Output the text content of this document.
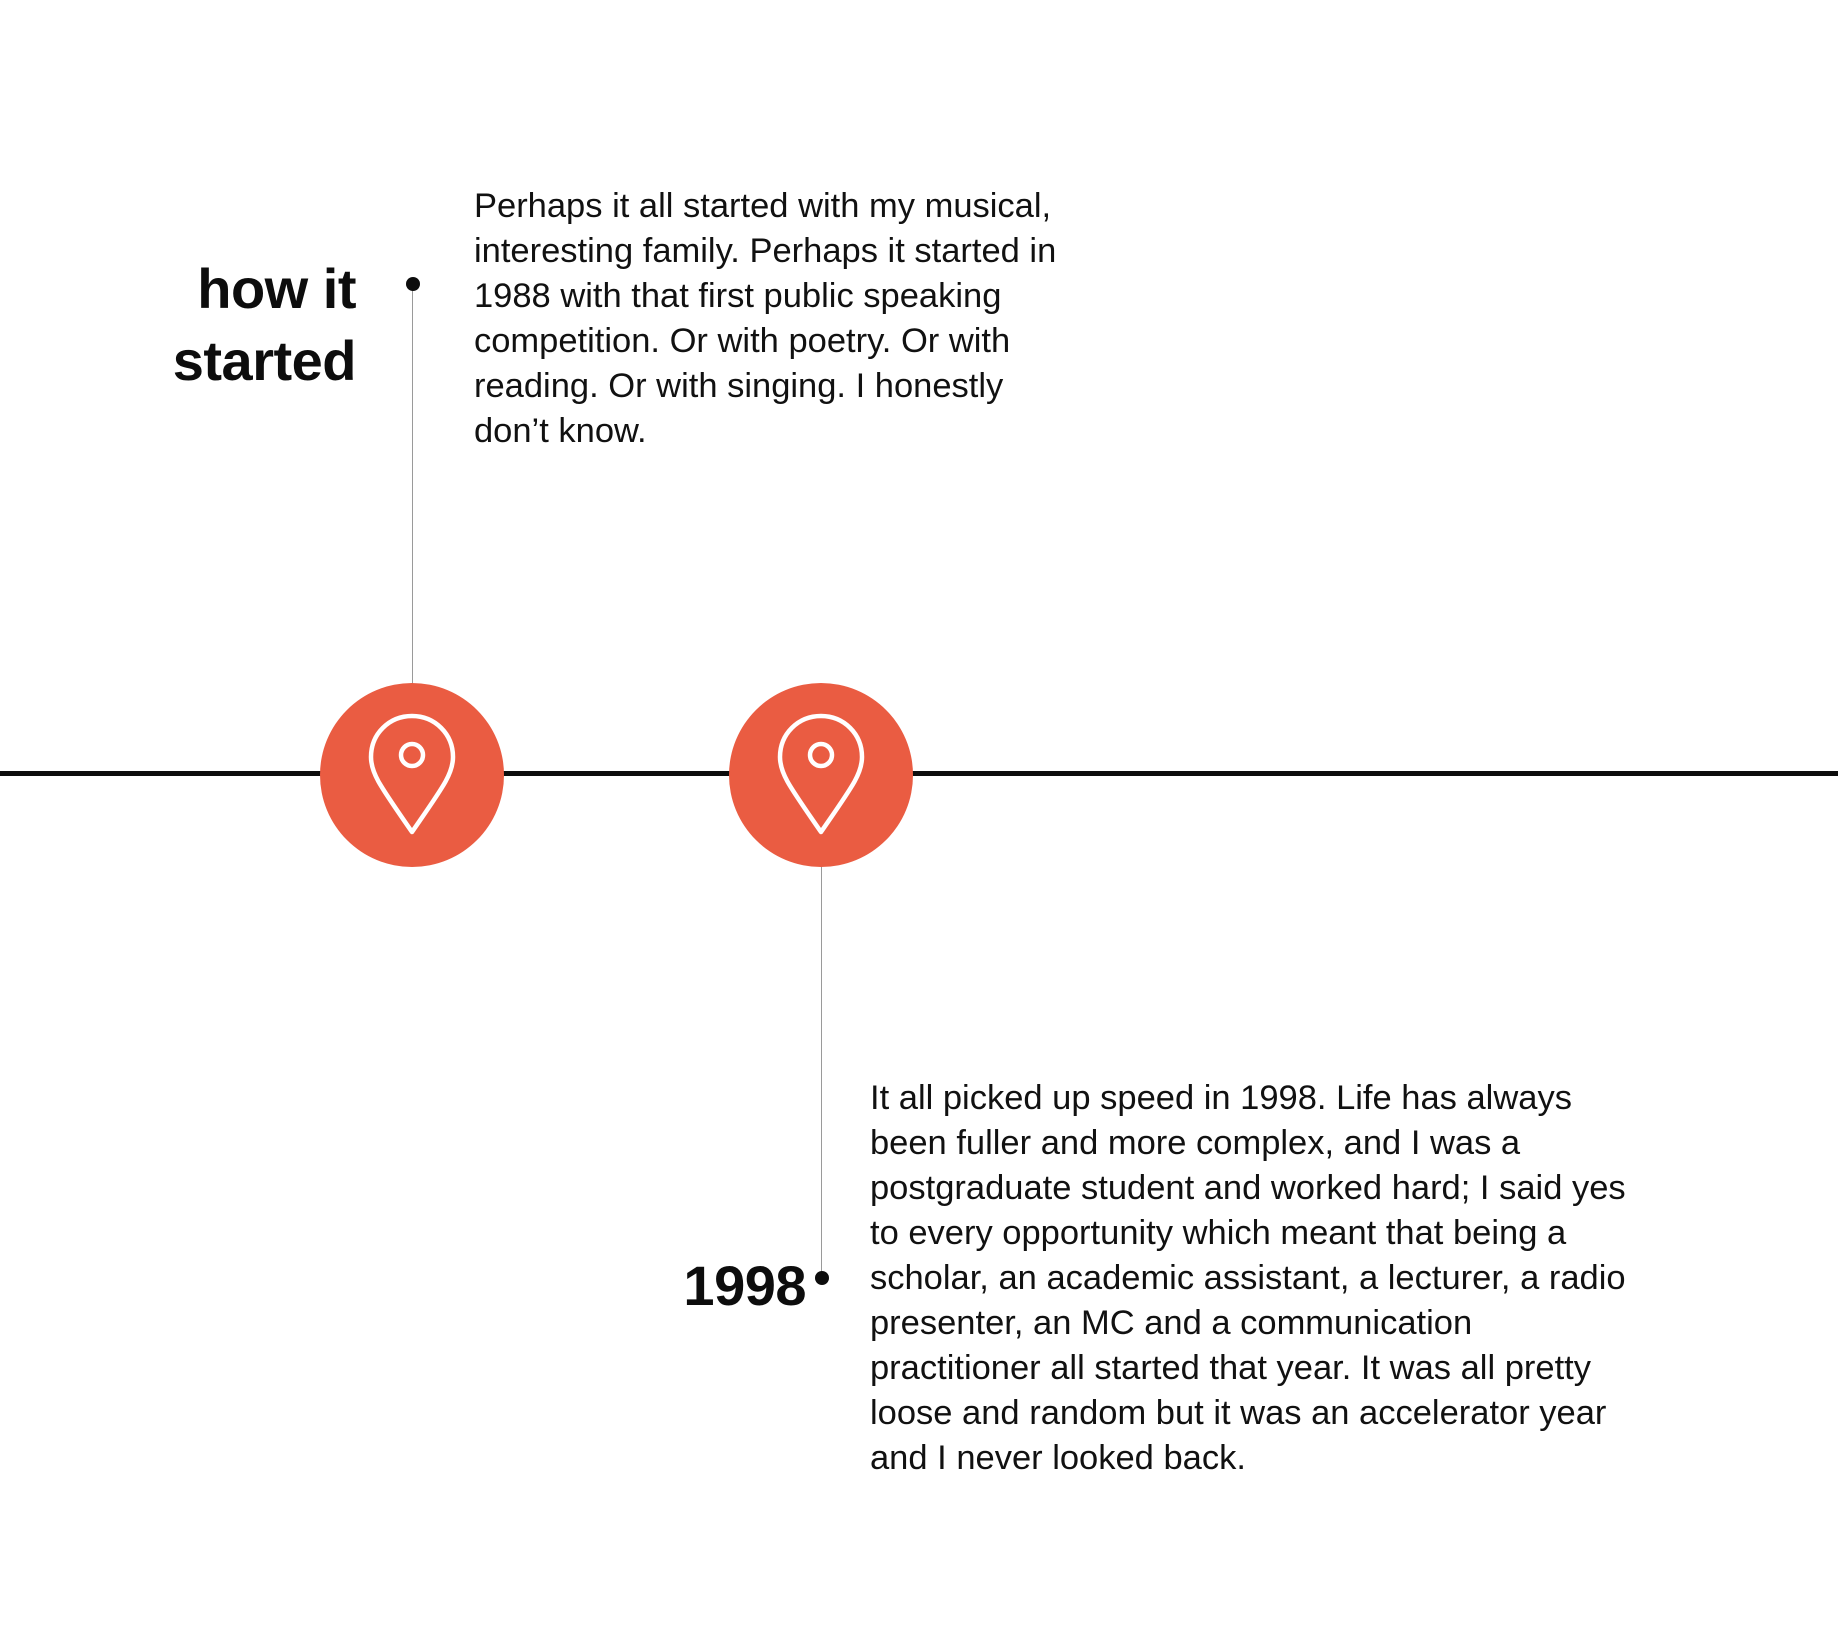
how it
started

Perhaps it all started with my musical,

interesting family. Perhaps it started in

1988 with that first public speaking

competition. Or with poetry. Or with

reading. Or with singing. I honestly

don’t know.

1998

It all picked up speed in 1998. Life has always

been fuller and more complex, and I was a

postgraduate student and worked hard; I said yes

to every opportunity which meant that being a

scholar, an academic assistant, a lecturer, a radio

presenter, an MC and a communication

practitioner all started that year. It was all pretty

loose and random but it was an accelerator year

and I never looked back.
